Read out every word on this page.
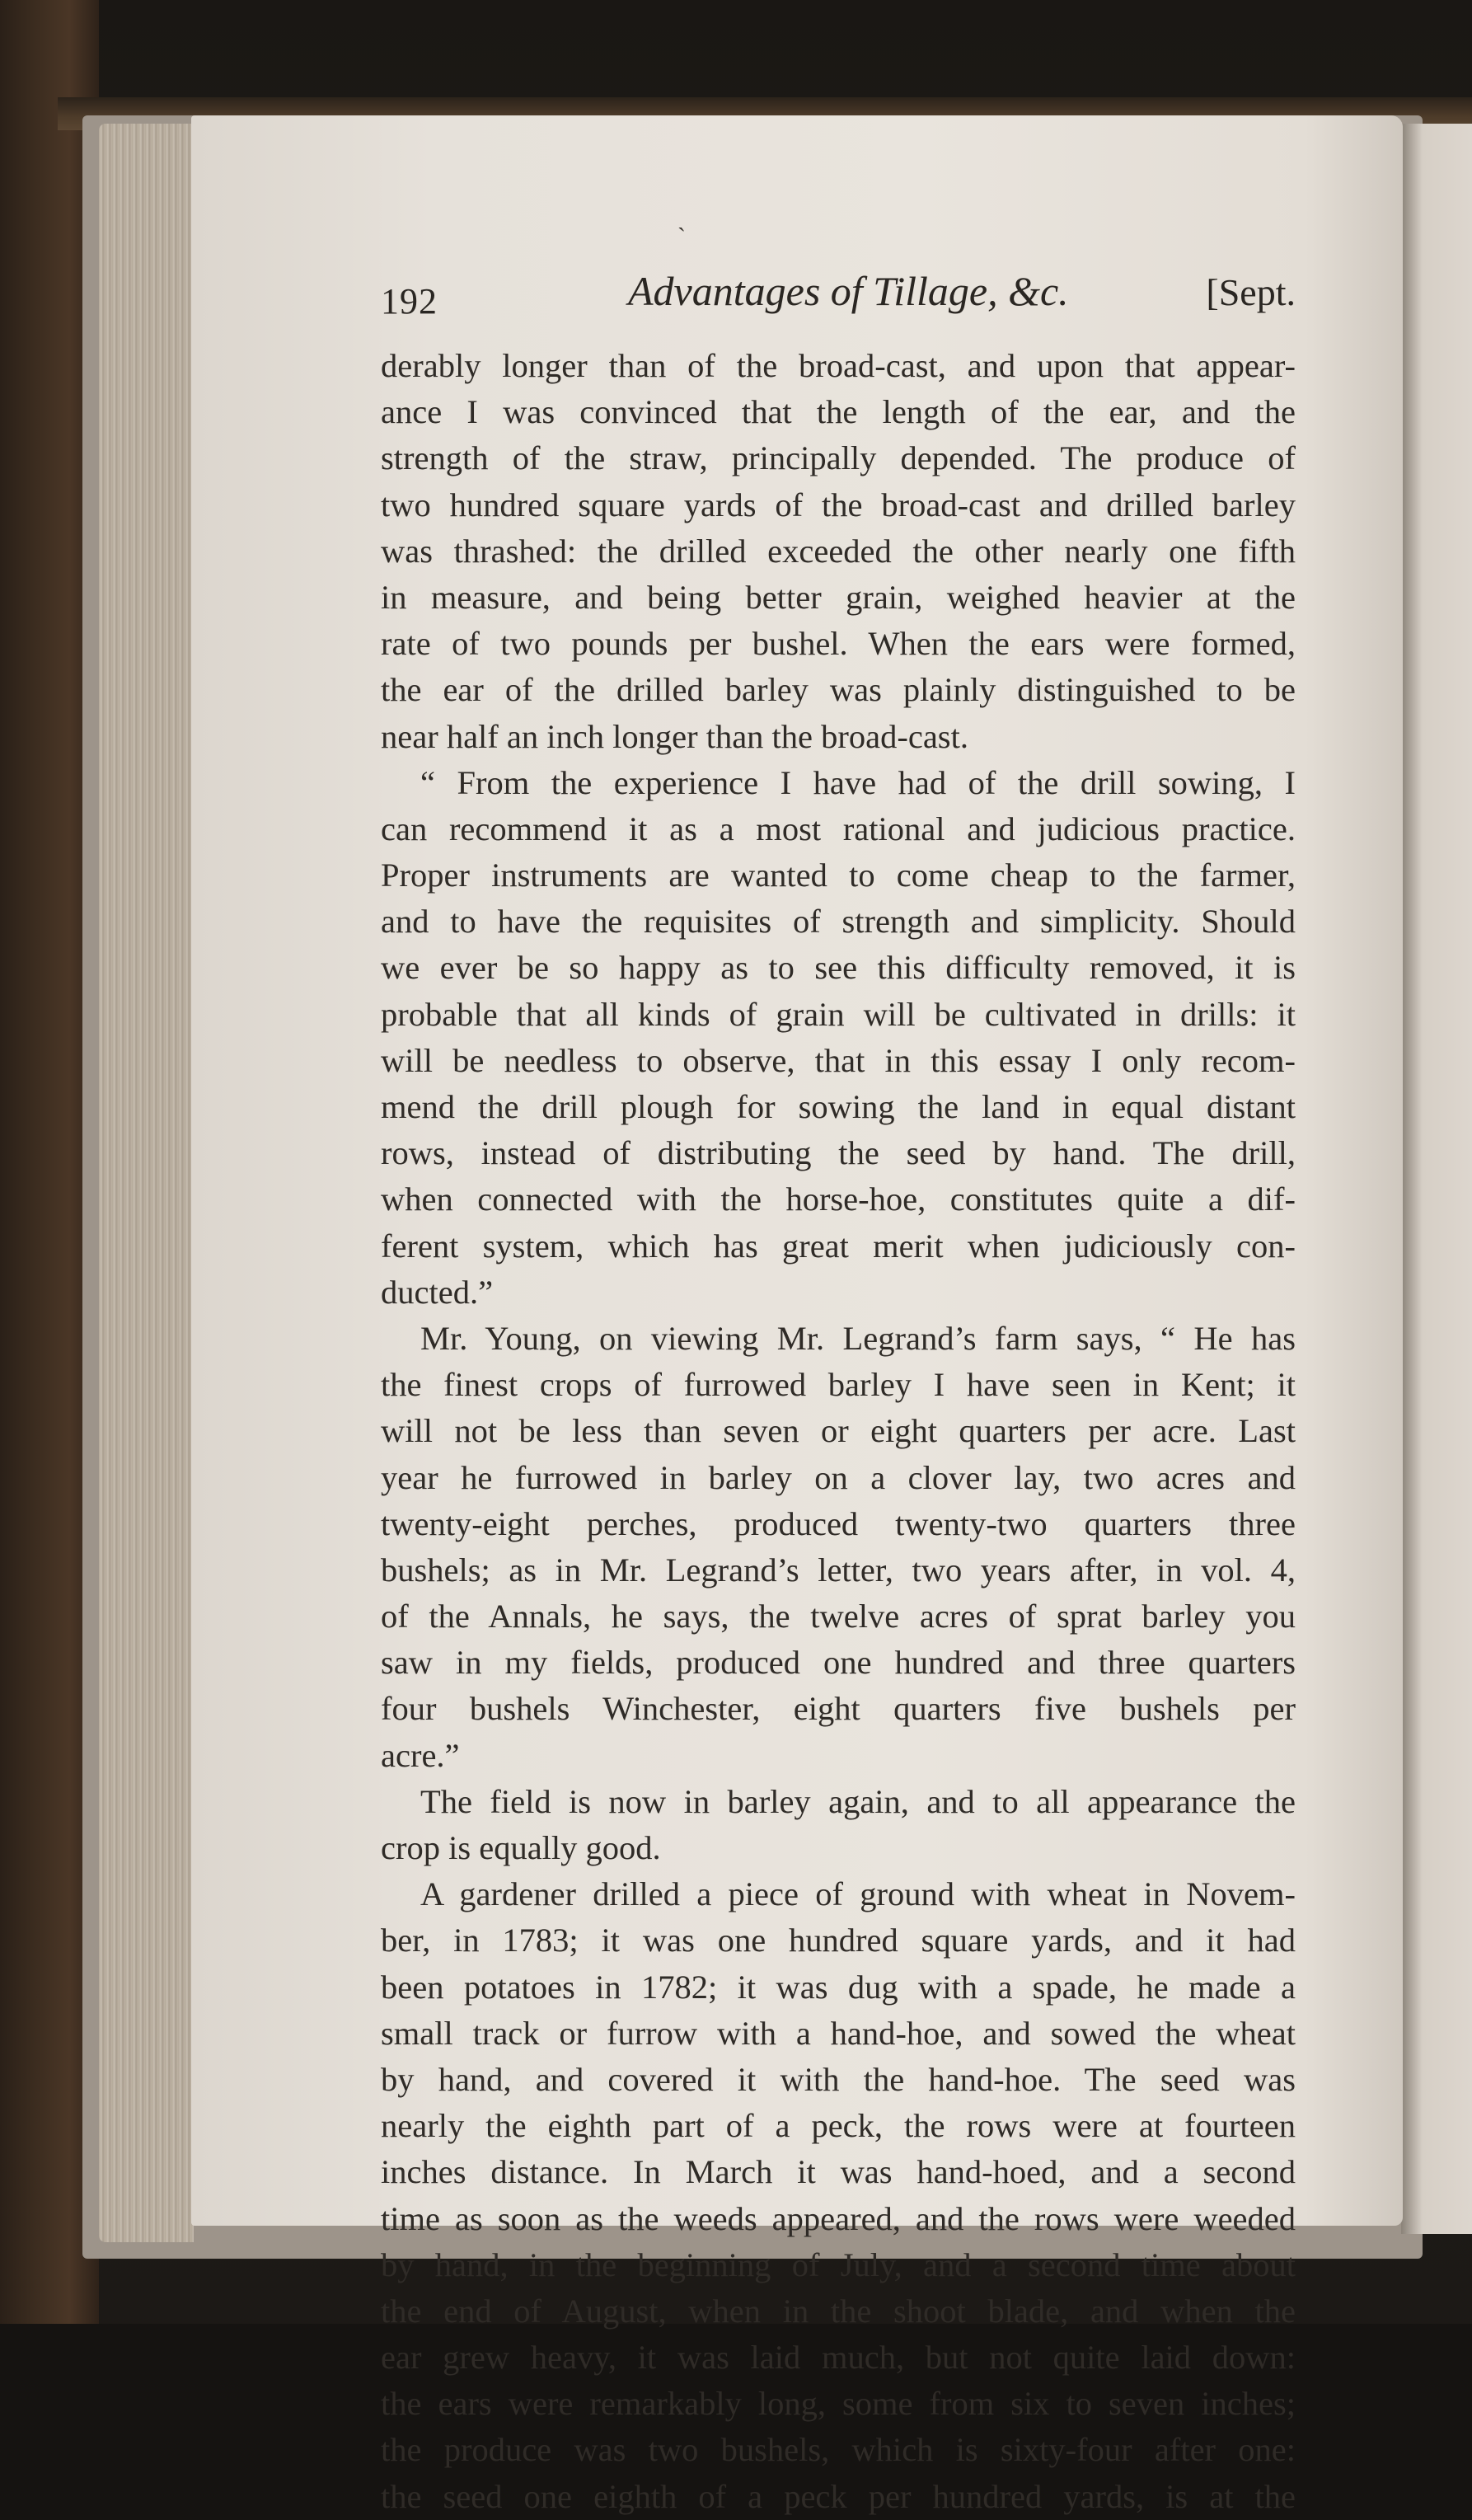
ˏ
192	Advantages of Tillage, &c.	[Sept.
derably longer than of the broad-cast, and upon that appear-
ance I was convinced that the length of the ear, and the
strength of the straw, principally depended. The produce of
two hundred square yards of the broad-cast and drilled barley
was thrashed: the drilled exceeded the other nearly one fifth
in measure, and being better grain, weighed heavier at the
rate of two pounds per bushel. When the ears were formed,
the ear of the drilled barley was plainly distinguished to be
near half an inch longer than the broad-cast.
“ From the experience I have had of the drill sowing, I
can recommend it as a most rational and judicious practice.
Proper instruments are wanted to come cheap to the farmer,
and to have the requisites of strength and simplicity. Should
we ever be so happy as to see this difficulty removed, it is
probable that all kinds of grain will be cultivated in drills: it
will be needless to observe, that in this essay I only recom-
mend the drill plough for sowing the land in equal distant
rows, instead of distributing the seed by hand. The drill,
when connected with the horse-hoe, constitutes quite a dif-
ferent system, which has great merit when judiciously con-
ducted.”
Mr. Young, on viewing Mr. Legrand’s farm says, “ He has
the finest crops of furrowed barley I have seen in Kent; it
will not be less than seven or eight quarters per acre. Last
year he furrowed in barley on a clover lay, two acres and
twenty-eight perches, produced twenty-two quarters three
bushels; as in Mr. Legrand’s letter, two years after, in vol. 4,
of the Annals, he says, the twelve acres of sprat barley you
saw in my fields, produced one hundred and three quarters
four bushels Winchester, eight quarters five bushels per
acre.”
The field is now in barley again, and to all appearance the
crop is equally good.
A gardener drilled a piece of ground with wheat in Novem-
ber, in 1783; it was one hundred square yards, and it had
been potatoes in 1782; it was dug with a spade, he made a
small track or furrow with a hand-hoe, and sowed the wheat
by hand, and covered it with the hand-hoe. The seed was
nearly the eighth part of a peck, the rows were at fourteen
inches distance. In March it was hand-hoed, and a second
time as soon as the weeds appeared, and the rows were weeded
by hand, in the beginning of July, and a second time about
the end of August, when in the shoot blade, and when the
ear grew heavy, it was laid much, but not quite laid down:
the ears were remarkably long, some from six to seven inches;
the produce was two bushels, which is sixty-four after one:
the seed one eighth of a peck per hundred yards, is at the
